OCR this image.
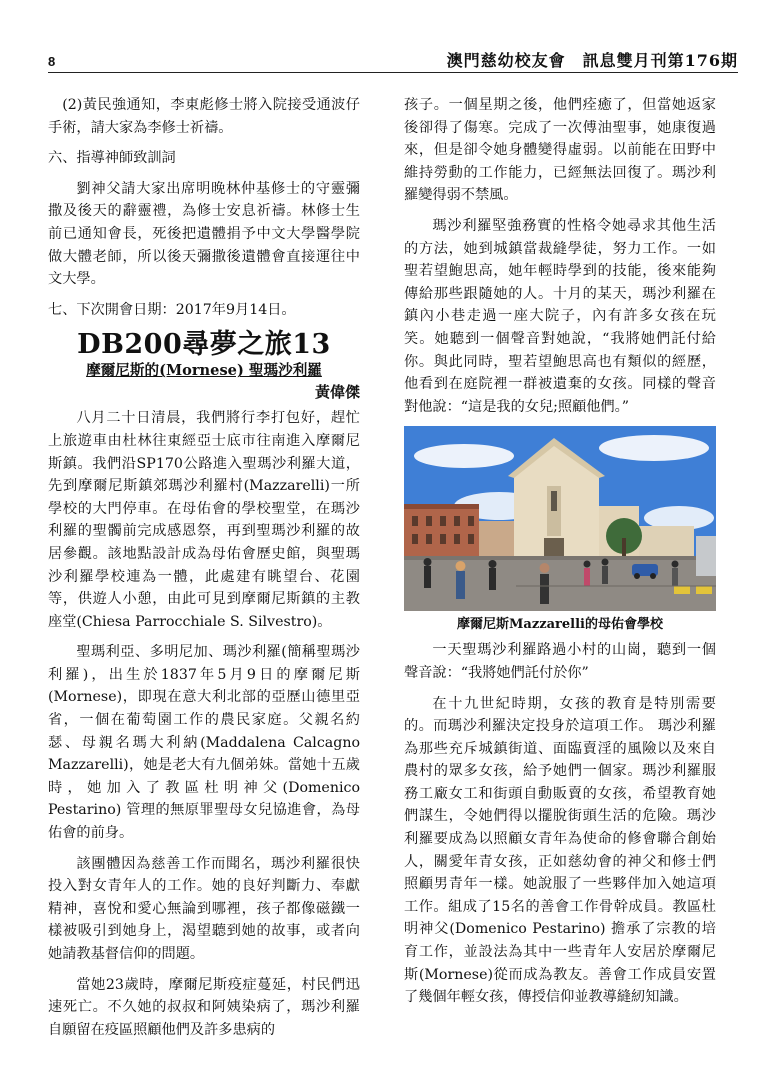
8	澳門慈幼校友會　訊息雙月刊第176期

(2)黃民強通知，李東彪修士將入院接受通波仔手術，請大家為李修士祈禱。

六、指導神師致訓詞

劉神父請大家出席明晚林仲基修士的守靈彌撒及後天的辭靈禮，為修士安息祈禱。林修士生前已通知會長，死後把遺體捐予中文大學醫學院做大體老師，所以後天彌撒後遺體會直接運往中文大學。

七、下次開會日期：2017年9月14日。

DB200尋夢之旅13
摩爾尼斯的(Mornese) 聖瑪沙利羅
黃偉傑

八月二十日清晨，我們將行李打包好，趕忙上旅遊車由杜林往東經亞士底市往南進入摩爾尼斯鎮。我們沿SP170公路進入聖瑪沙利羅大道，先到摩爾尼斯鎮郊瑪沙利羅村(Mazzarelli)一所學校的大門停車。在母佑會的學校聖堂，在瑪沙利羅的聖髑前完成感恩祭，再到聖瑪沙利羅的故居參觀。該地點設計成為母佑會歷史館，與聖瑪沙利羅學校連為一體，此處建有眺望台、花園等，供遊人小憩，由此可見到摩爾尼斯鎮的主教座堂(Chiesa Parrocchiale S. Silvestro)。

聖瑪利亞、多明尼加、瑪沙利羅(簡稱聖瑪沙利羅)，出生於1837年5月9日的摩爾尼斯(Mornese)，即現在意大利北部的亞歷山德里亞省，一個在葡萄園工作的農民家庭。父親名約瑟、母親名瑪大利納(Maddalena Calcagno Mazzarelli)，她是老大有九個弟妹。當她十五歲時，她加入了教區杜明神父(Domenico Pestarino) 管理的無原罪聖母女兒協進會，為母佑會的前身。

該團體因為慈善工作而聞名，瑪沙利羅很快投入對女青年人的工作。她的良好判斷力、奉獻精神，喜悅和愛心無論到哪裡，孩子都像磁鐵一樣被吸引到她身上，渴望聽到她的故事，或者向她請教基督信仰的問題。

當她23歲時，摩爾尼斯疫症蔓延，村民們迅速死亡。不久她的叔叔和阿姨染病了，瑪沙利羅自願留在疫區照顧他們及許多患病的

孩子。一個星期之後，他們痊癒了，但當她返家後卻得了傷寒。完成了一次傅油聖事，她康復過來，但是卻令她身體變得虛弱。以前能在田野中維持勞動的工作能力，已經無法回復了。瑪沙利羅變得弱不禁風。

瑪沙利羅堅強務實的性格令她尋求其他生活的方法，她到城鎮當裁縫學徒，努力工作。一如聖若望鮑思高，她年輕時學到的技能，後來能夠傳給那些跟隨她的人。十月的某天，瑪沙利羅在鎮內小巷走過一座大院子，內有許多女孩在玩笑。她聽到一個聲音對她說，“我將她們託付給你。與此同時，聖若望鮑思高也有類似的經歷，他看到在庭院裡一群被遺棄的女孩。同樣的聲音對他說：“這是我的女兒;照顧他們。”

摩爾尼斯Mazzarelli的母佑會學校

一天聖瑪沙利羅路過小村的山崗，聽到一個聲音說：“我將她們託付於你”

在十九世紀時期，女孩的教育是特別需要的。而瑪沙利羅決定投身於這項工作。 瑪沙利羅為那些充斥城鎮街道、面臨賣淫的風險以及來自農村的眾多女孩，給予她們一個家。瑪沙利羅服務工廠女工和街頭自動販賣的女孩，希望教育她們謀生，令她們得以擺脫街頭生活的危險。瑪沙利羅要成為以照顧女青年為使命的修會聯合創始人，關愛年青女孩，正如慈幼會的神父和修士們照顧男青年一樣。她說服了一些夥伴加入她這項工作。組成了15名的善會工作骨幹成員。教區杜明神父(Domenico Pestarino) 擔承了宗教的培育工作，並設法為其中一些青年人安居於摩爾尼斯(Mornese)從而成為教友。善會工作成員安置了幾個年輕女孩，傳授信仰並教導縫紉知識。
